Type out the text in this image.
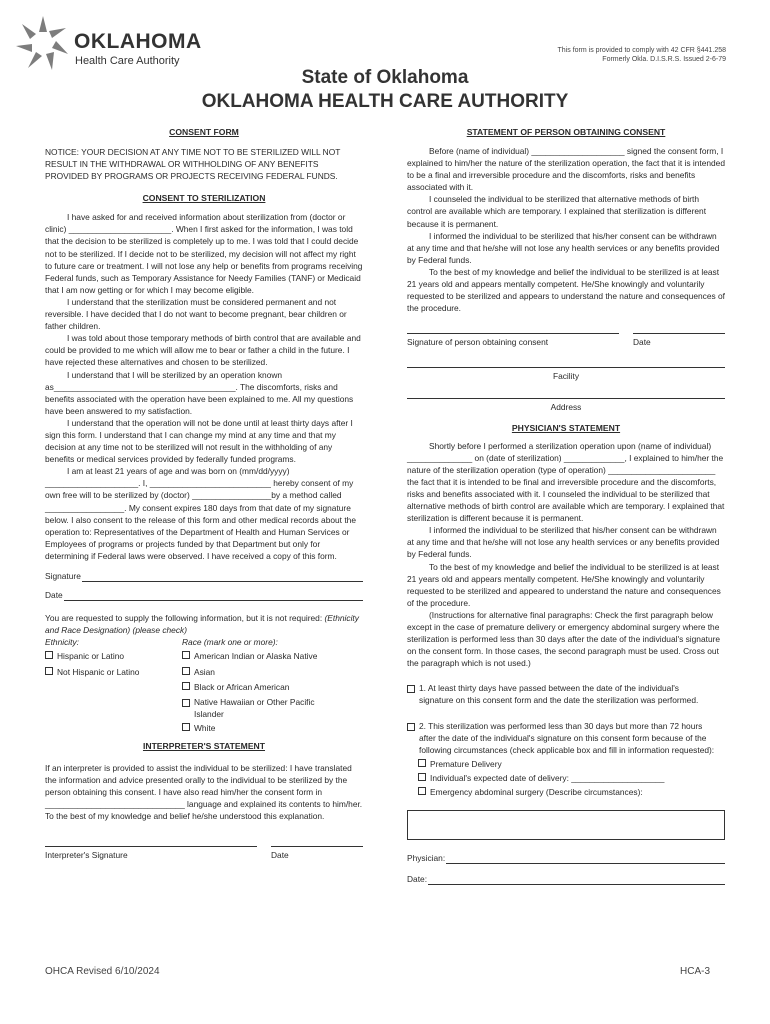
OKLAHOMA
Health Care Authority
This form is provided to comply with 42 CFR §441.258
Formerly Okla. D.I.S.R.S. Issued 2-6-79
State of Oklahoma
OKLAHOMA HEALTH CARE AUTHORITY
CONSENT FORM

NOTICE: YOUR DECISION AT ANY TIME NOT TO BE STERILIZED WILL NOT RESULT IN THE WITHDRAWAL OR WITHHOLDING OF ANY BENEFITS PROVIDED BY PROGRAMS OR PROJECTS RECEIVING FEDERAL FUNDS.

CONSENT TO STERILIZATION

I have asked for and received information about sterilization from (doctor or clinic) ______________________. When I first asked for the information, I was told that the decision to be sterilized is completely up to me. I was told that I could decide not to be sterilized. If I decide not to be sterilized, my decision will not affect my right to future care or treatment. I will not lose any help or benefits from programs receiving Federal funds, such as Temporary Assistance for Needy Families (TANF) or Medicaid that I am now getting or for which I may become eligible.

I understand that the sterilization must be considered permanent and not reversible. I have decided that I do not want to become pregnant, bear children or father children.

I was told about those temporary methods of birth control that are available and could be provided to me which will allow me to bear or father a child in the future. I have rejected these alternatives and chosen to be sterilized.

I understand that I will be sterilized by an operation known as_______________________________________. The discomforts, risks and benefits associated with the operation have been explained to me. All my questions have been answered to my satisfaction.

I understand that the operation will not be done until at least thirty days after I sign this form. I understand that I can change my mind at any time and that my decision at any time not to be sterilized will not result in the withholding of any benefits or medical services provided by federally funded programs.

I am at least 21 years of age and was born on (mm/dd/yyyy) ____________________. I, __________________________ hereby consent of my own free will to be sterilized by (doctor) _________________by a method called _________________. My consent expires 180 days from that date of my signature below. I also consent to the release of this form and other medical records about the operation to: Representatives of the Department of Health and Human Services or Employees of programs or projects funded by that Department but only for determining if Federal laws were observed. I have received a copy of this form.

Signature
Date

You are requested to supply the following information, but it is not required: (Ethnicity and Race Designation) (please check)

Ethnicity:
Hispanic or Latino
Not Hispanic or Latino
Race (mark one or more):
American Indian or Alaska Native
Asian
Black or African American
Native Hawaiian or Other Pacific Islander
White
INTERPRETER'S STATEMENT

If an interpreter is provided to assist the individual to be sterilized: I have translated the information and advice presented orally to the individual to be sterilized by the person obtaining this consent. I have also read him/her the consent form in ______________________________ language and explained its contents to him/her. To the best of my knowledge and belief he/she understood this explanation.

Interpreter's Signature	Date
STATEMENT OF PERSON OBTAINING CONSENT

Before (name of individual) ____________________ signed the consent form, I explained to him/her the nature of the sterilization operation, the fact that it is intended to be a final and irreversible procedure and the discomforts, risks and benefits associated with it.

I counseled the individual to be sterilized that alternative methods of birth control are available which are temporary. I explained that sterilization is different because it is permanent.

I informed the individual to be sterilized that his/her consent can be withdrawn at any time and that he/she will not lose any health services or any benefits provided by Federal funds.

To the best of my knowledge and belief the individual to be sterilized is at least 21 years old and appears mentally competent. He/She knowingly and voluntarily requested to be sterilized and appears to understand the nature and consequences of the procedure.

Signature of person obtaining consent	Date
Facility
Address
PHYSICIAN'S STATEMENT

Shortly before I performed a sterilization operation upon (name of individual) ______________ on (date of sterilization) _____________, I explained to him/her the nature of the sterilization operation (type of operation) _______________________ the fact that it is intended to be final and irreversible procedure and the discomforts, risks and benefits associated with it. I counseled the individual to be sterilized that alternative methods of birth control are available which are temporary. I explained that sterilization is different because it is permanent.

I informed the individual to be sterilized that his/her consent can be withdrawn at any time and that he/she will not lose any health services or any benefits provided by Federal funds.

To the best of my knowledge and belief the individual to be sterilized is at least 21 years old and appears mentally competent. He/She knowingly and voluntarily requested to be sterilized and appeared to understand the nature and consequences of the procedure.

(Instructions for alternative final paragraphs: Check the first paragraph below except in the case of premature delivery or emergency abdominal surgery where the sterilization is performed less than 30 days after the date of the individual's signature on the consent form. In those cases, the second paragraph must be used. Cross out the paragraph which is not used.)

1. At least thirty days have passed between the date of the individual's signature on this consent form and the date the sterilization was performed.
2. This sterilization was performed less than 30 days but more than 72 hours after the date of the individual's signature on this consent form because of the following circumstances (check applicable box and fill in information requested):
Premature Delivery
Individual's expected date of delivery: ____________________
Emergency abdominal surgery (Describe circumstances):
Physician:
Date:
OHCA Revised 6/10/2024	HCA-3
